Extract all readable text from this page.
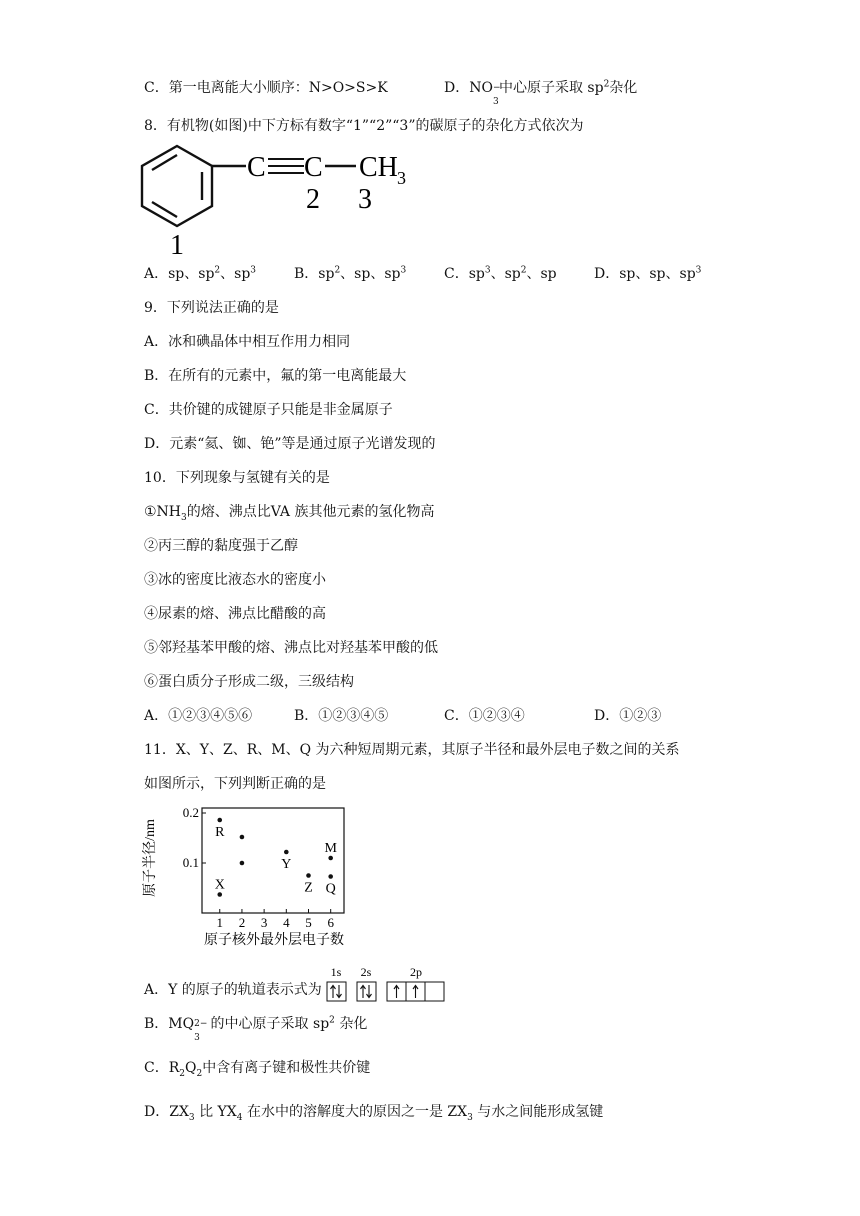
C．第一电离能大小顺序：N>O>S>K	D．NO −
3
中心原子采取 $sp^2$杂化
8．有机物(如图)中下方标有数字“1”“2”“3”的碳原子的杂化方式依次为
C C CH 3
2 3
1
A．sp、$sp^2$、$sp^3$	B．$sp^2$、sp、$sp^3$	C．$sp^3$、$sp^2$、sp	D．sp、sp、$sp^3$
9．下列说法正确的是
A．冰和碘晶体中相互作用力相同
B．在所有的元素中，氟的第一电离能最大
C．共价键的成键原子只能是非金属原子
D．元素“氦、铷、铯”等是通过原子光谱发现的
10．下列现象与氢键有关的是
$①NH_3$的熔、沸点比VA 族其他元素的氢化物高
②丙三醇的黏度强于乙醇
③冰的密度比液态水的密度小
④尿素的熔、沸点比醋酸的高
⑤邻羟基苯甲酸的熔、沸点比对羟基苯甲酸的低
⑥蛋白质分子形成二级，三级结构
A．①②③④⑤⑥	B．①②③④⑤	C．①②③④	D．①②③
11．X、Y、Z、R、M、Q 为六种短周期元素，其原子半径和最外层电子数之间的关系
如图所示，下列判断正确的是
1 2 3 4 5 6
0.2
0.1
R
Y
M
X	Z Q
原子半径/nm
原子核外最外层电子数
A．Y 的原子的轨道表示式为
1s 2s	2p
B．MQ 2−
3
的中心原子采取 $sp^2$ 杂化
C．$R_2Q_2$中含有离子键和极性共价键
D．$ZX_3$ 比 $YX_4$ 在水中的溶解度大的原因之一是 $ZX_3$ 与水之间能形成氢键
